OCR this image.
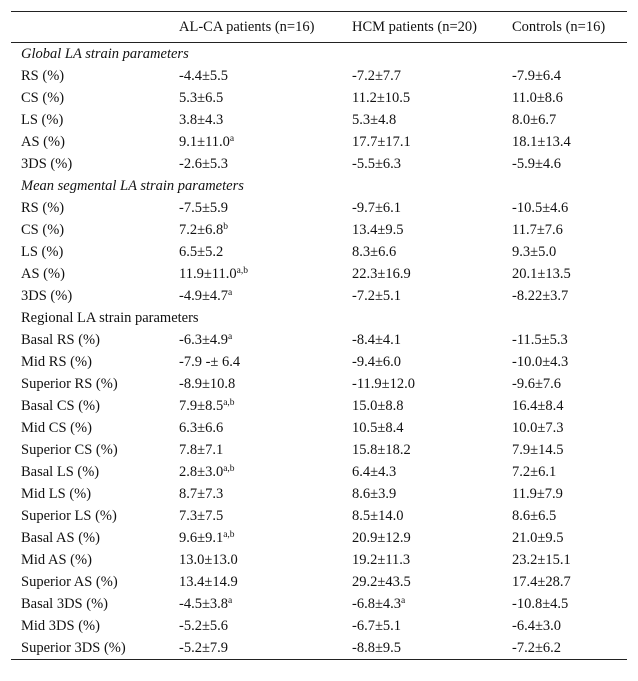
	AL-CA patients (n=16)	HCM patients (n=20)	Controls (n=16)
Global LA strain parameters			
RS (%)	-4.4±5.5	-7.2±7.7	-7.9±6.4
CS (%)	5.3±6.5	11.2±10.5	11.0±8.6
LS (%)	3.8±4.3	5.3±4.8	8.0±6.7
AS (%)	9.1±11.0$^a$	17.7±17.1	18.1±13.4
3DS (%)	-2.6±5.3	-5.5±6.3	-5.9±4.6
Mean segmental LA strain parameters			
RS (%)	-7.5±5.9	-9.7±6.1	-10.5±4.6
CS (%)	7.2±6.8$^b$	13.4±9.5	11.7±7.6
LS (%)	6.5±5.2	8.3±6.6	9.3±5.0
AS (%)	$11.9\pm 11.0^{a,b}$	22.3±16.9	20.1±13.5
3DS (%)	-4.9±4.7$^a$	-7.2±5.1	-8.22±3.7
Regional LA strain parameters			
Basal RS (%)	-6.3±4.9$^a$	-8.4±4.1	-11.5±5.3
Mid RS (%)	-7.9 -± 6.4	-9.4±6.0	-10.0±4.3
Superior RS (%)	-8.9±10.8	-11.9±12.0	-9.6±7.6
Basal CS (%)	$7.9\pm 8.5^{a,b}$	15.0±8.8	16.4±8.4
Mid CS (%)	6.3±6.6	10.5±8.4	10.0±7.3
Superior CS (%)	7.8±7.1	15.8±18.2	7.9±14.5
Basal LS (%)	$2.8\pm 3.0^{a,b}$	6.4±4.3	7.2±6.1
Mid LS (%)	8.7±7.3	8.6±3.9	11.9±7.9
Superior LS (%)	7.3±7.5	8.5±14.0	8.6±6.5
Basal AS (%)	$9.6\pm 9.1^{a,b}$	20.9±12.9	21.0±9.5
Mid AS (%)	13.0±13.0	19.2±11.3	23.2±15.1
Superior AS (%)	13.4±14.9	29.2±43.5	17.4±28.7
Basal 3DS (%)	-4.5±3.8$^a$	-6.8±4.3$^a$	-10.8±4.5
Mid 3DS (%)	-5.2±5.6	-6.7±5.1	-6.4±3.0
Superior 3DS (%)	-5.2±7.9	-8.8±9.5	-7.2±6.2
